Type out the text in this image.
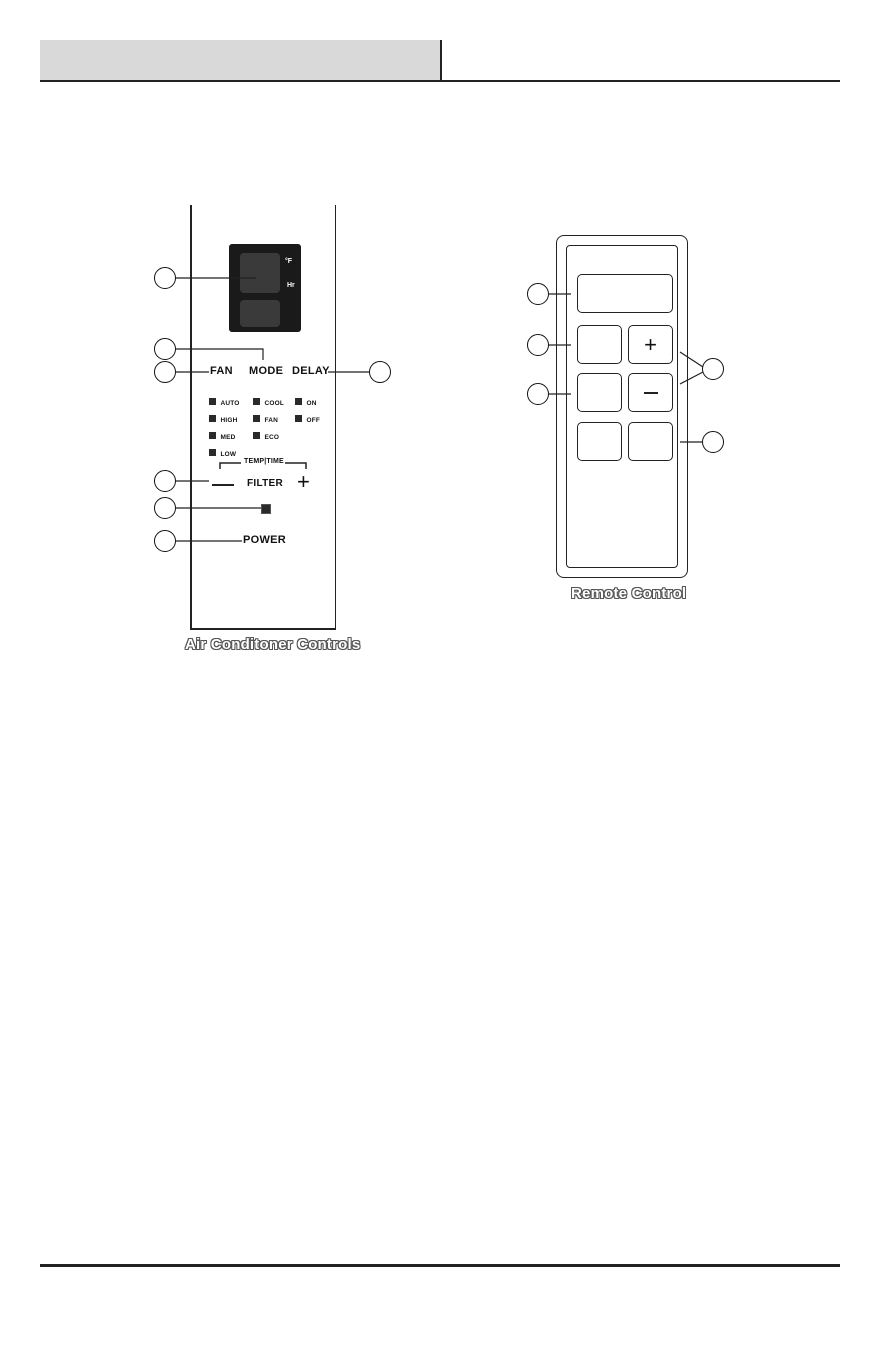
°F
Hr
FAN MODE DELAY
AUTO
HIGH
MED
LOW
COOL
FAN
ECO
ON
OFF
TEMP|TIME
FILTER +
POWER
Air Conditoner Controls
+
Remote Control
